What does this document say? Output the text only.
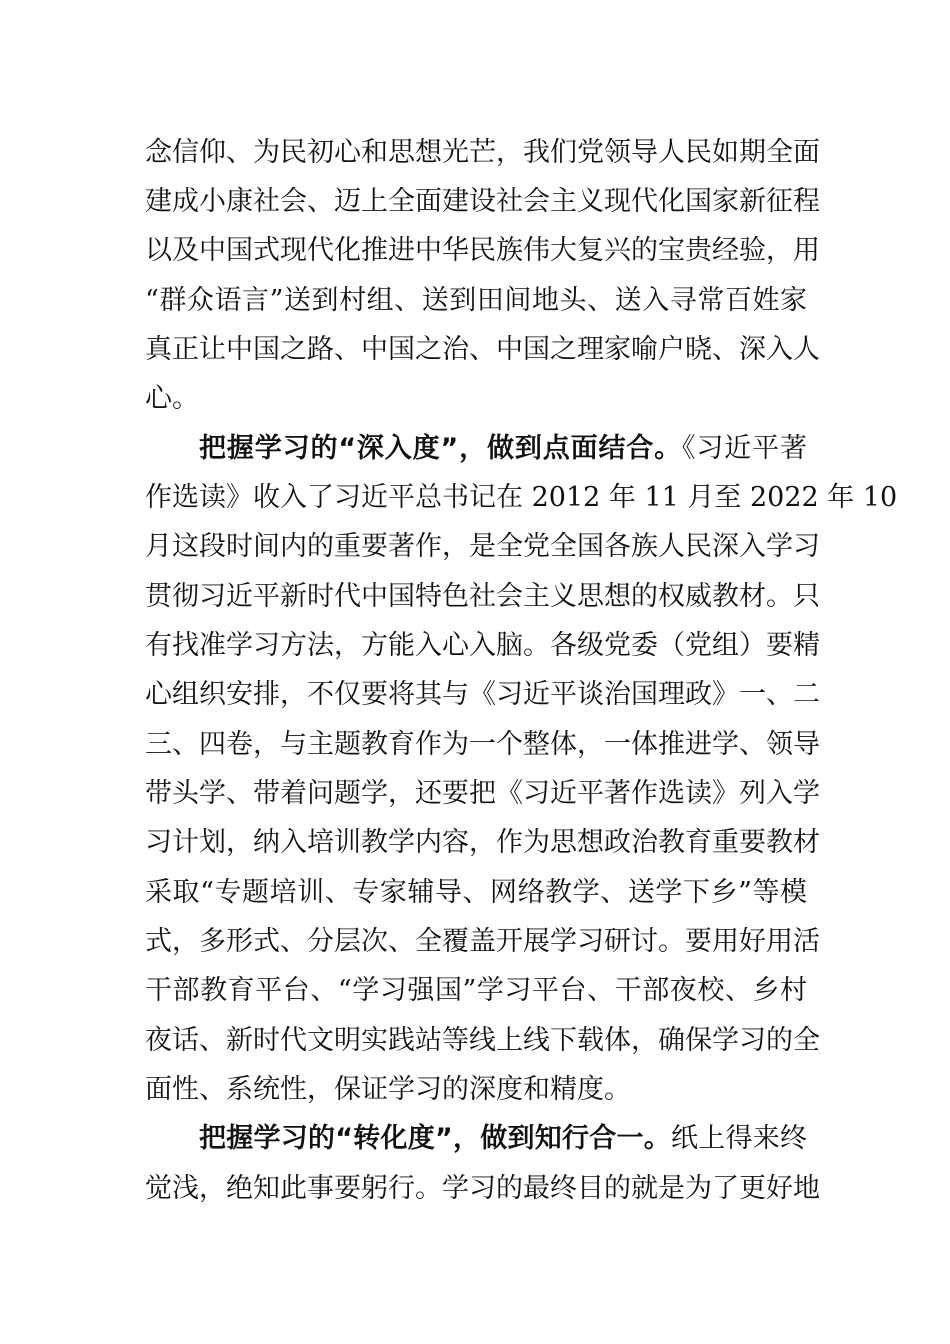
念信仰、为民初心和思想光芒，我们党领导人民如期全面

建成小康社会、迈上全面建设社会主义现代化国家新征程

以及中国式现代化推进中华民族伟大复兴的宝贵经验，用

“群众语言”送到村组、送到田间地头、送入寻常百姓家

真正让中国之路、中国之治、中国之理家喻户晓、深入人

心。

把握学习的“深入度”，做到点面结合。《习近平著

作选读》收入了习近平总书记在 2012 年 11 月至 2022 年 10

月这段时间内的重要著作，是全党全国各族人民深入学习

贯彻习近平新时代中国特色社会主义思想的权威教材。只

有找准学习方法，方能入心入脑。各级党委（党组）要精

心组织安排，不仅要将其与《习近平谈治国理政》一、二

三、四卷，与主题教育作为一个整体，一体推进学、领导

带头学、带着问题学，还要把《习近平著作选读》列入学

习计划，纳入培训教学内容，作为思想政治教育重要教材

采取“专题培训、专家辅导、网络教学、送学下乡”等模

式，多形式、分层次、全覆盖开展学习研讨。要用好用活

干部教育平台、“学习强国”学习平台、干部夜校、乡村

夜话、新时代文明实践站等线上线下载体，确保学习的全

面性、系统性，保证学习的深度和精度。

把握学习的“转化度”，做到知行合一。纸上得来终

觉浅，绝知此事要躬行。学习的最终目的就是为了更好地
